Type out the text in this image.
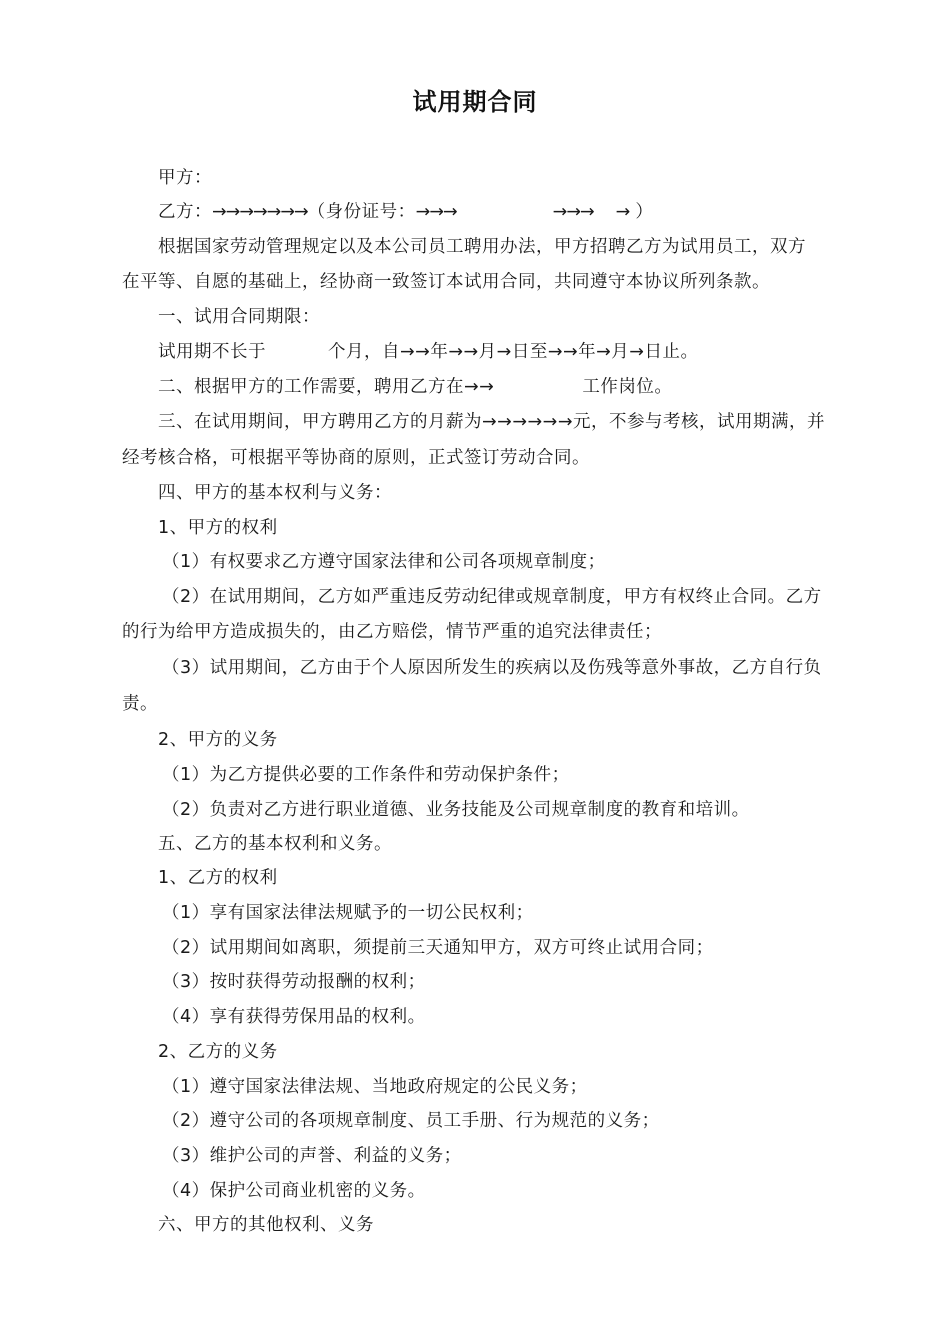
试用期合同
甲方：
乙方：→→→→→→→（身份证号：→→→	→→→ → ）
根据国家劳动管理规定以及本公司员工聘用办法，甲方招聘乙方为试用员工，双方
在平等、自愿的基础上，经协商一致签订本试用合同，共同遵守本协议所列条款。
一、试用合同期限：
试用期不长于	个月，自→→年→→月→日至→→年→月→日止。
二、根据甲方的工作需要，聘用乙方在→→	工作岗位。
三、在试用期间，甲方聘用乙方的月薪为→→→→→→元，不参与考核，试用期满，并
经考核合格，可根据平等协商的原则，正式签订劳动合同。
四、甲方的基本权利与义务：
1、甲方的权利
（1）有权要求乙方遵守国家法律和公司各项规章制度；
（2）在试用期间，乙方如严重违反劳动纪律或规章制度，甲方有权终止合同。乙方
的行为给甲方造成损失的，由乙方赔偿，情节严重的追究法律责任；
（3）试用期间，乙方由于个人原因所发生的疾病以及伤残等意外事故，乙方自行负
责。
2、甲方的义务
（1）为乙方提供必要的工作条件和劳动保护条件；
（2）负责对乙方进行职业道德、业务技能及公司规章制度的教育和培训。
五、乙方的基本权利和义务。
1、乙方的权利
（1）享有国家法律法规赋予的一切公民权利；
（2）试用期间如离职，须提前三天通知甲方，双方可终止试用合同；
（3）按时获得劳动报酬的权利；
（4）享有获得劳保用品的权利。
2、乙方的义务
（1）遵守国家法律法规、当地政府规定的公民义务；
（2）遵守公司的各项规章制度、员工手册、行为规范的义务；
（3）维护公司的声誉、利益的义务；
（4）保护公司商业机密的义务。
六、甲方的其他权利、义务
